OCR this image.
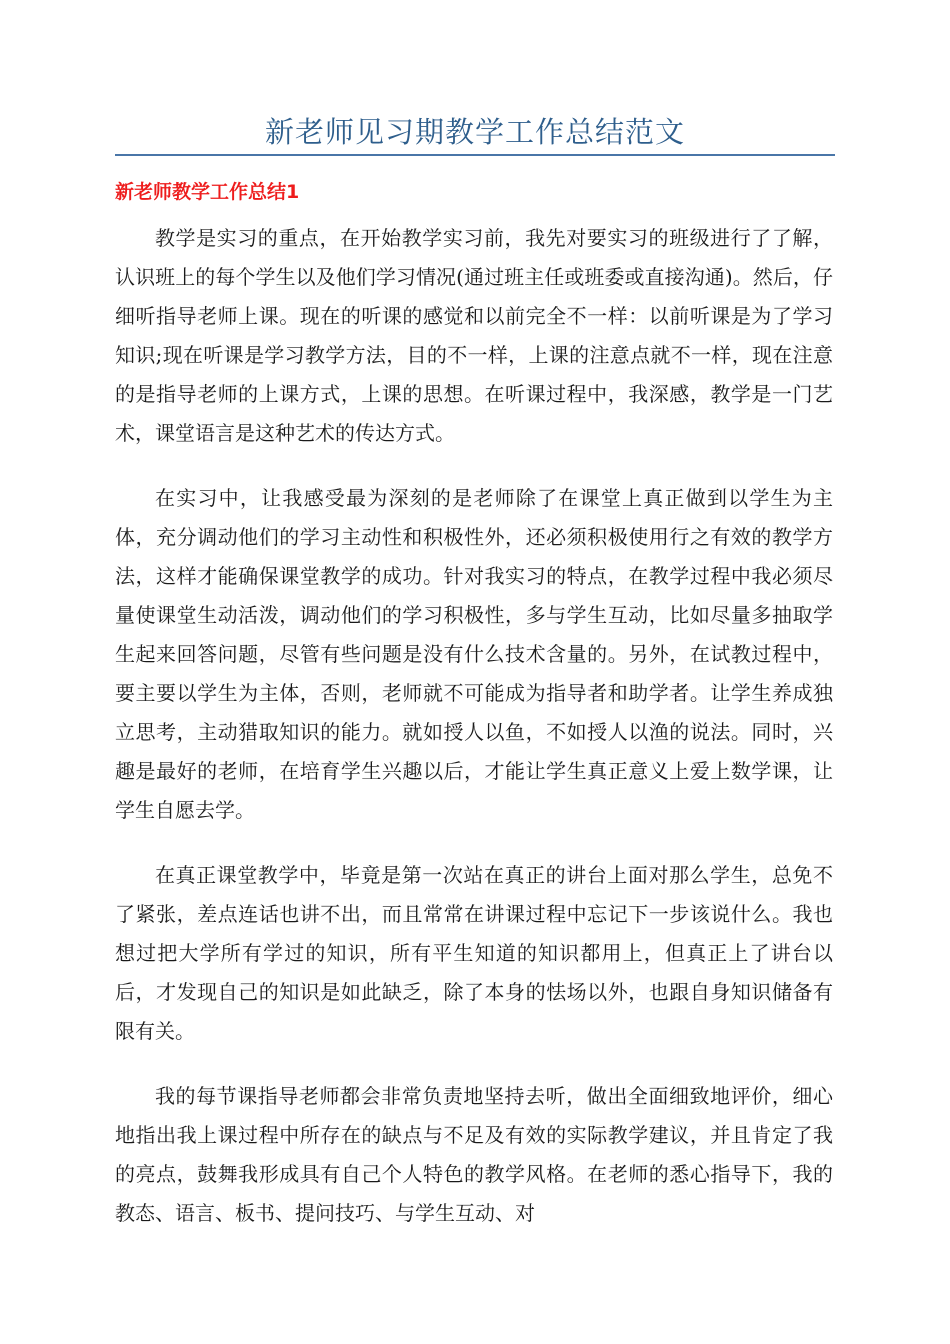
新老师见习期教学工作总结范文
新老师教学工作总结1

教学是实习的重点，在开始教学实习前，我先对要实习的班级进行了了解，认识班上的每个学生以及他们学习情况(通过班主任或班委或直接沟通)。然后，仔细听指导老师上课。现在的听课的感觉和以前完全不一样：以前听课是为了学习知识;现在听课是学习教学方法，目的不一样，上课的注意点就不一样，现在注意的是指导老师的上课方式，上课的思想。在听课过程中，我深感，教学是一门艺术，课堂语言是这种艺术的传达方式。

在实习中，让我感受最为深刻的是老师除了在课堂上真正做到以学生为主体，充分调动他们的学习主动性和积极性外，还必须积极使用行之有效的教学方法，这样才能确保课堂教学的成功。针对我实习的特点，在教学过程中我必须尽量使课堂生动活泼，调动他们的学习积极性，多与学生互动，比如尽量多抽取学生起来回答问题，尽管有些问题是没有什么技术含量的。另外，在试教过程中，要主要以学生为主体，否则，老师就不可能成为指导者和助学者。让学生养成独立思考，主动猎取知识的能力。就如授人以鱼，不如授人以渔的说法。同时，兴趣是最好的老师，在培育学生兴趣以后，才能让学生真正意义上爱上数学课，让学生自愿去学。

在真正课堂教学中，毕竟是第一次站在真正的讲台上面对那么学生，总免不了紧张，差点连话也讲不出，而且常常在讲课过程中忘记下一步该说什么。我也想过把大学所有学过的知识，所有平生知道的知识都用上，但真正上了讲台以后，才发现自己的知识是如此缺乏，除了本身的怯场以外，也跟自身知识储备有限有关。

我的每节课指导老师都会非常负责地坚持去听，做出全面细致地评价，细心地指出我上课过程中所存在的缺点与不足及有效的实际教学建议，并且肯定了我的亮点，鼓舞我形成具有自己个人特色的教学风格。在老师的悉心指导下，我的教态、语言、板书、提问技巧、与学生互动、对
